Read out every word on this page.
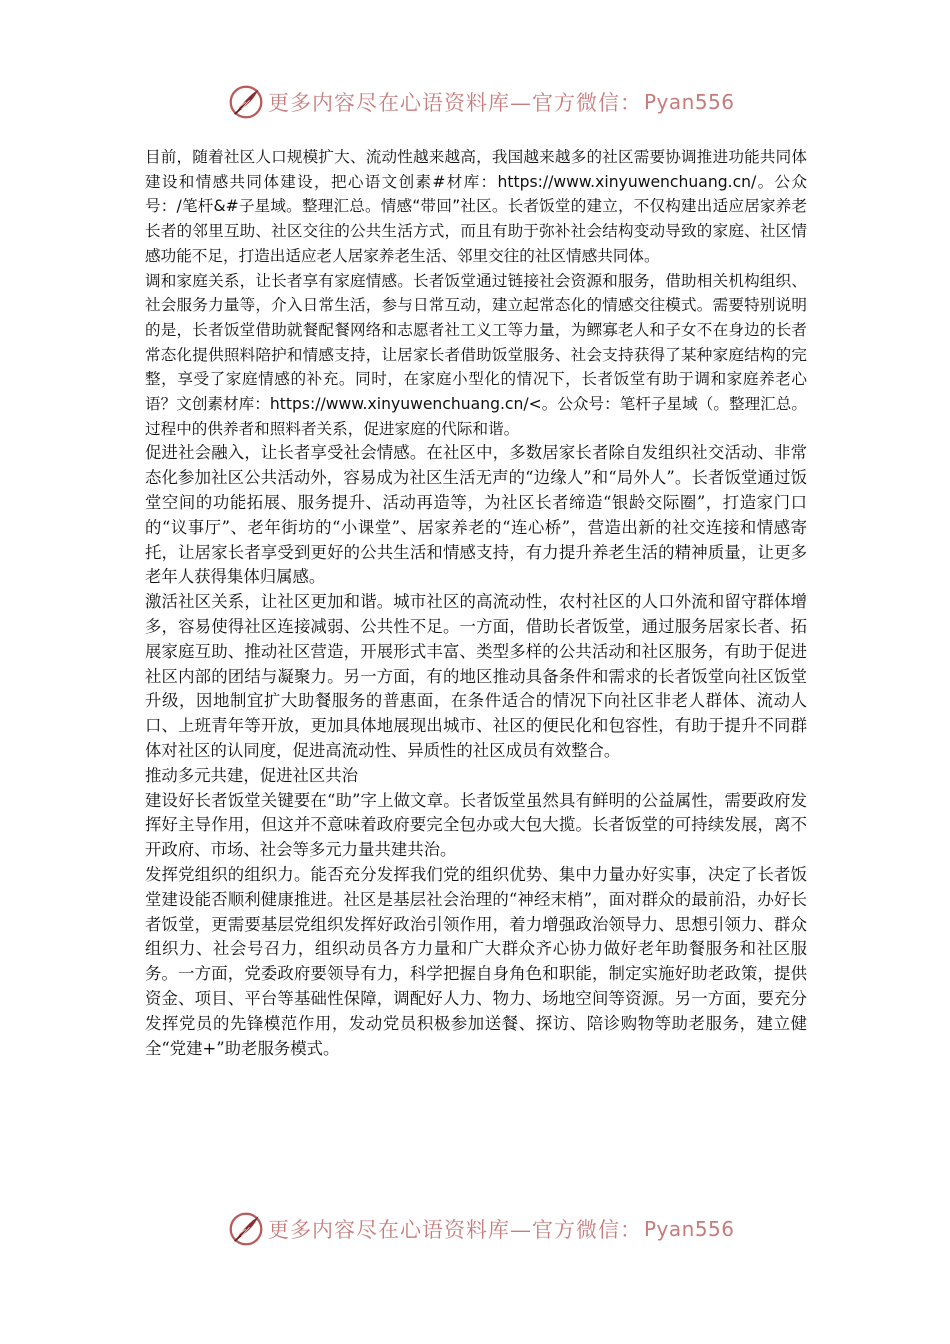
更多内容尽在心语资料库—官方微信： Pyan556

目前，随着社区人口规模扩大、流动性越来越高，我国越来越多的社区需要协调推进功能共同体建设和情感共同体建设，把心语文创素#材库：https://www.xinyuwenchuang.cn/。公众号：/笔杆&#子星域。整理汇总。情感“带回”社区。长者饭堂的建立，不仅构建出适应居家养老长者的邻里互助、社区交往的公共生活方式，而且有助于弥补社会结构变动导致的家庭、社区情感功能不足，打造出适应老人居家养老生活、邻里交往的社区情感共同体。

调和家庭关系，让长者享有家庭情感。长者饭堂通过链接社会资源和服务，借助相关机构组织、社会服务力量等，介入日常生活，参与日常互动，建立起常态化的情感交往模式。需要特别说明的是，长者饭堂借助就餐配餐网络和志愿者社工义工等力量，为鳏寡老人和子女不在身边的长者常态化提供照料陪护和情感支持，让居家长者借助饭堂服务、社会支持获得了某种家庭结构的完整，享受了家庭情感的补充。同时，在家庭小型化的情况下，长者饭堂有助于调和家庭养老心语？文创素材库：https://www.xinyuwenchuang.cn/<。公众号：笔杆子星域（。整理汇总。过程中的供养者和照料者关系，促进家庭的代际和谐。

促进社会融入，让长者享受社会情感。在社区中，多数居家长者除自发组织社交活动、非常态化参加社区公共活动外，容易成为社区生活无声的“边缘人”和“局外人”。长者饭堂通过饭堂空间的功能拓展、服务提升、活动再造等，为社区长者缔造“银龄交际圈”，打造家门口的“议事厅”、老年街坊的“小课堂”、居家养老的“连心桥”，营造出新的社交连接和情感寄托，让居家长者享受到更好的公共生活和情感支持，有力提升养老生活的精神质量，让更多老年人获得集体归属感。

激活社区关系，让社区更加和谐。城市社区的高流动性，农村社区的人口外流和留守群体增多，容易使得社区连接减弱、公共性不足。一方面，借助长者饭堂，通过服务居家长者、拓展家庭互助、推动社区营造，开展形式丰富、类型多样的公共活动和社区服务，有助于促进社区内部的团结与凝聚力。另一方面，有的地区推动具备条件和需求的长者饭堂向社区饭堂升级，因地制宜扩大助餐服务的普惠面，在条件适合的情况下向社区非老人群体、流动人口、上班青年等开放，更加具体地展现出城市、社区的便民化和包容性，有助于提升不同群体对社区的认同度，促进高流动性、异质性的社区成员有效整合。

推动多元共建，促进社区共治

建设好长者饭堂关键要在“助”字上做文章。长者饭堂虽然具有鲜明的公益属性，需要政府发挥好主导作用，但这并不意味着政府要完全包办或大包大揽。长者饭堂的可持续发展，离不开政府、市场、社会等多元力量共建共治。

发挥党组织的组织力。能否充分发挥我们党的组织优势、集中力量办好实事，决定了长者饭堂建设能否顺利健康推进。社区是基层社会治理的“神经末梢”，面对群众的最前沿，办好长者饭堂，更需要基层党组织发挥好政治引领作用，着力增强政治领导力、思想引领力、群众组织力、社会号召力，组织动员各方力量和广大群众齐心协力做好老年助餐服务和社区服务。一方面，党委政府要领导有力，科学把握自身角色和职能，制定实施好助老政策，提供资金、项目、平台等基础性保障，调配好人力、物力、场地空间等资源。另一方面，要充分发挥党员的先锋模范作用，发动党员积极参加送餐、探访、陪诊购物等助老服务，建立健全“党建+”助老服务模式。

更多内容尽在心语资料库—官方微信： Pyan556
